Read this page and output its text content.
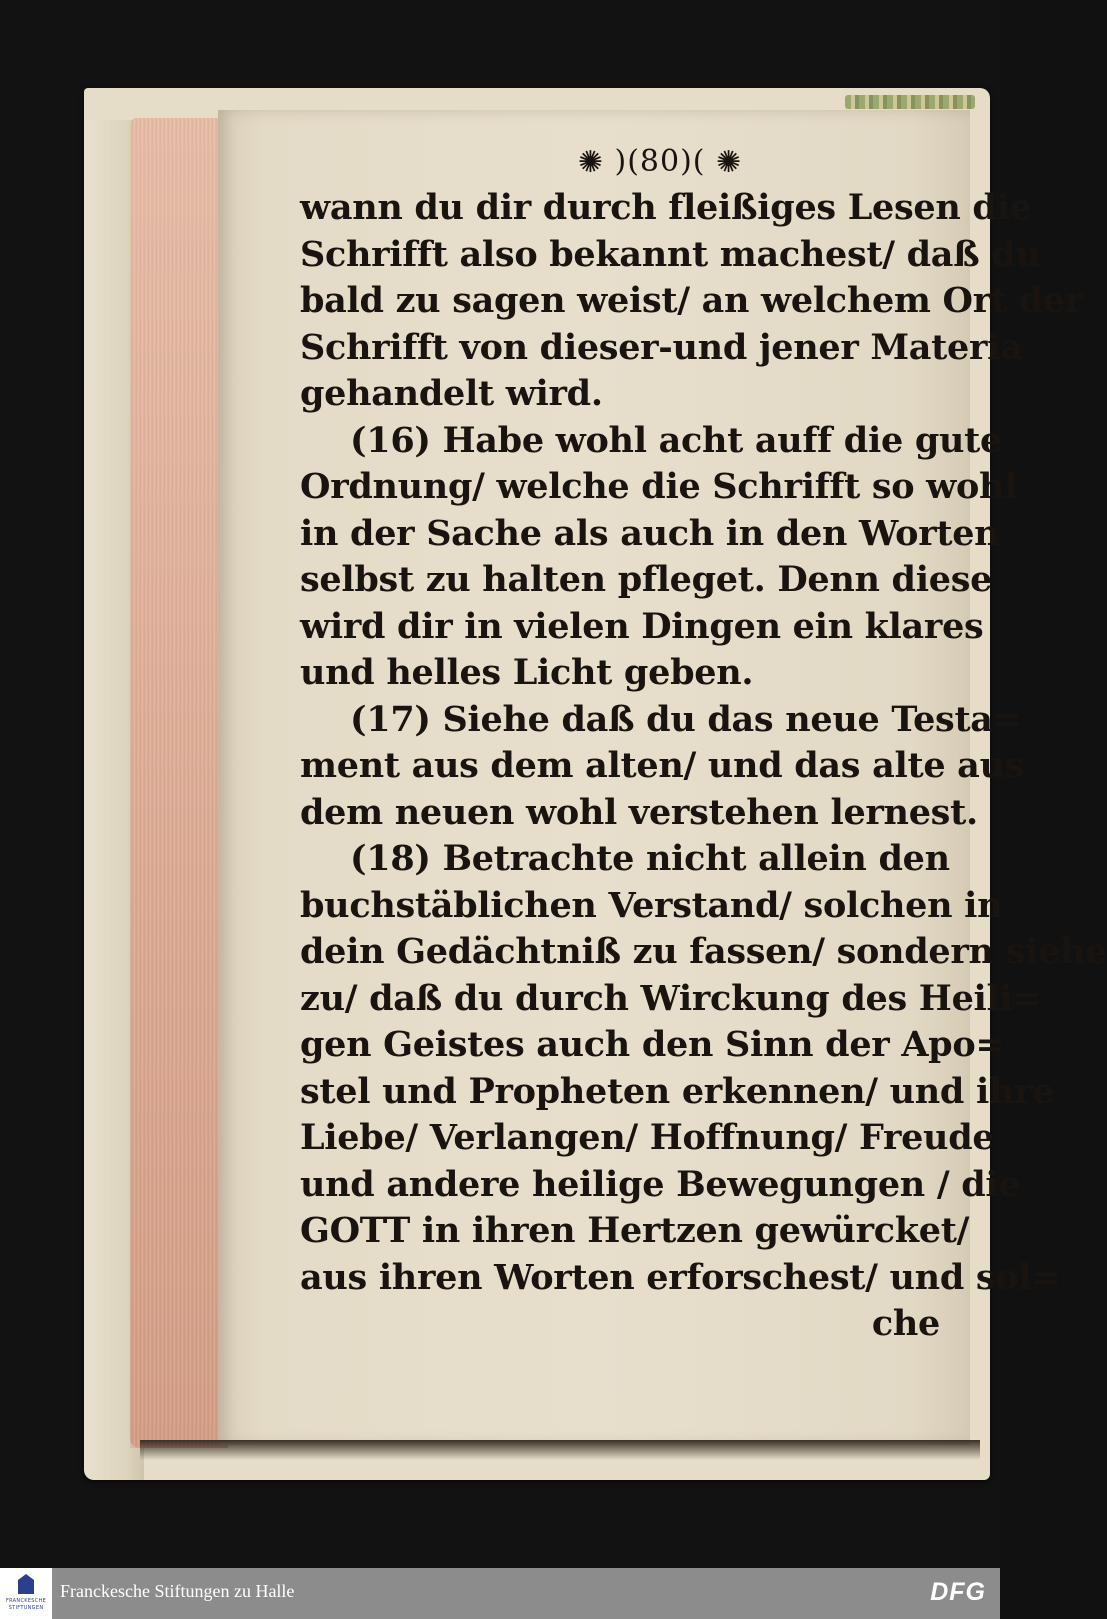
✺ )(80)( ✺
wann du dir durch fleißiges Lesen die
Schrifft also bekannt machest/ daß du
bald zu sagen weist/ an welchem Ort der
Schrifft von dieser-und jener Materia
gehandelt wird.
(16) Habe wohl acht auff die gute
Ordnung/ welche die Schrifft so wohl
in der Sache als auch in den Worten
selbst zu halten pfleget. Denn diese
wird dir in vielen Dingen ein klares
und helles Licht geben.
(17) Siehe daß du das neue Testa=
ment aus dem alten/ und das alte aus
dem neuen wohl verstehen lernest.
(18) Betrachte nicht allein den
buchstäblichen Verstand/ solchen in
dein Gedächtniß zu fassen/ sondern siehe
zu/ daß du durch Wirckung des Heili=
gen Geistes auch den Sinn der Apo=
stel und Propheten erkennen/ und ihre
Liebe/ Verlangen/ Hoffnung/ Freude
und andere heilige Bewegungen / die
GOTT in ihren Hertzen gewürcket/
aus ihren Worten erforschest/ und sol=
che
FRANCKESCHE
STIFTUNGEN
Franckesche Stiftungen zu Halle	DFG
